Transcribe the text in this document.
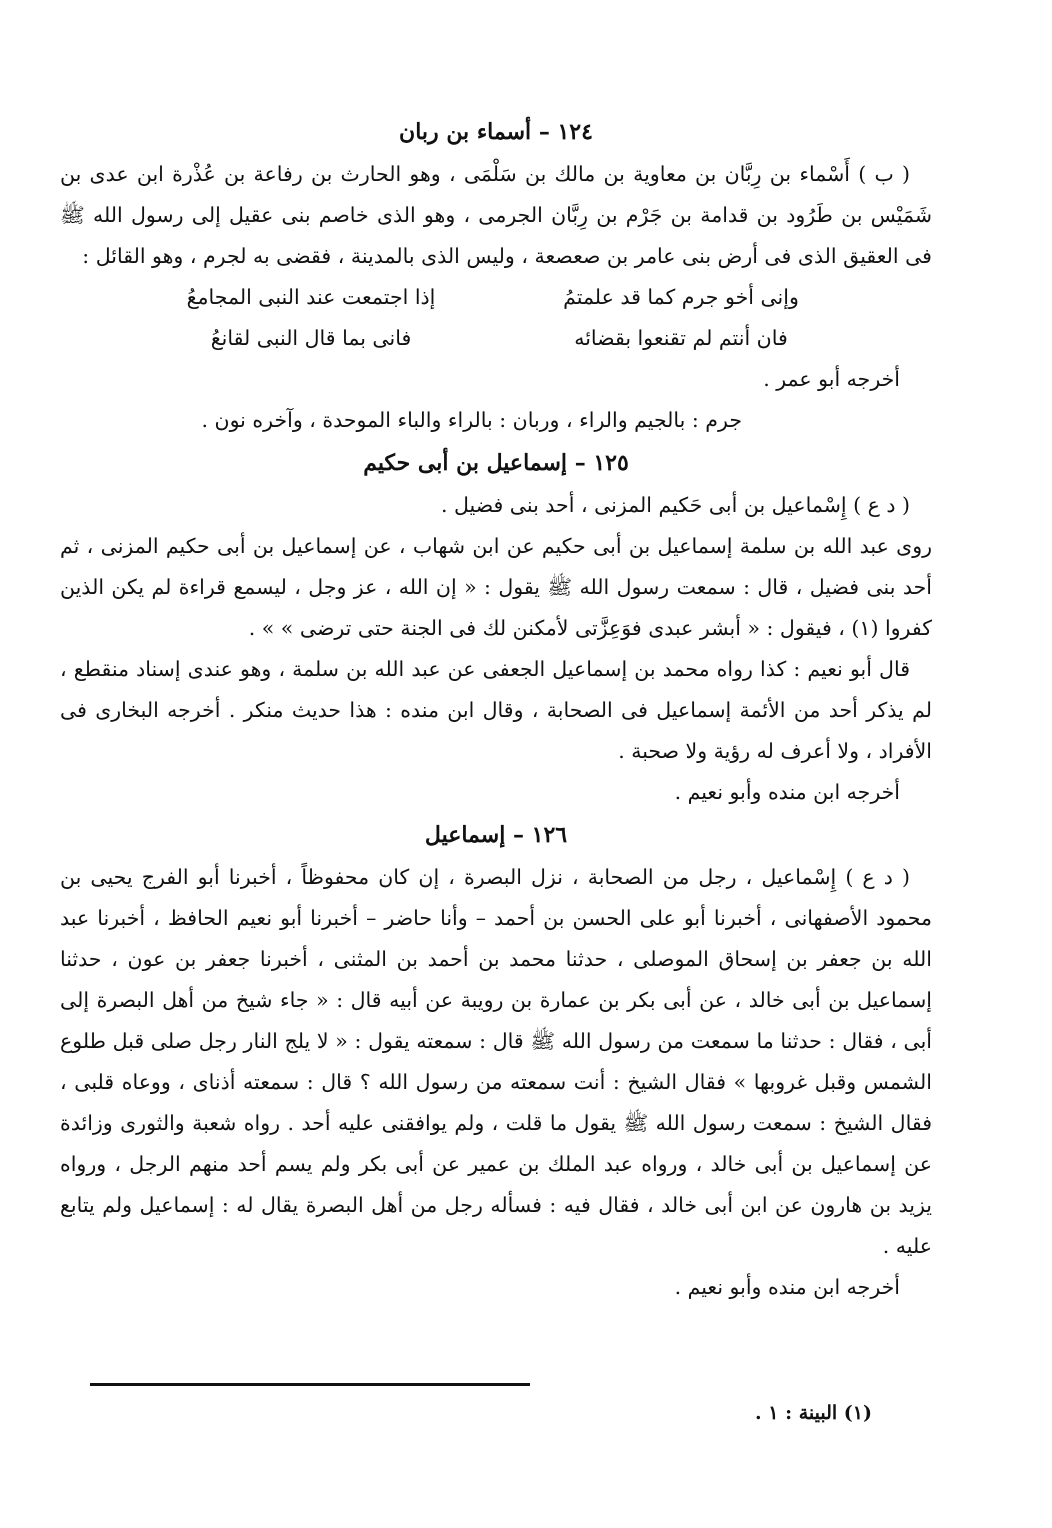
١٢٤ – أسماء بن ربان

( ب ) أَسْماء بن رِبَّان بن معاوية بن مالك بن سَلْمَى ، وهو الحارث بن رفاعة بن عُذْرة ابن عدى بن شَمَيْس بن طَرُود بن قدامة بن جَرْم بن رِبَّان الجرمى ، وهو الذى خاصم بنى عقيل إلى رسول الله ﷺ فى العقيق الذى فى أرض بنى عامر بن صعصعة ، وليس الذى بالمدينة ، فقضى به لجرم ، وهو القائل :

وإنى أخو جرم كما قد علمتمُ
إذا اجتمعت عند النبى المجامعُ
فان أنتم لم تقنعوا بقضائه
فانى بما قال النبى لقانعُ

أخرجه أبو عمر .

جرم : بالجيم والراء ، وربان : بالراء والباء الموحدة ، وآخره نون .

١٢٥ – إسماعيل بن أبى حكيم

( د ع ) إِسْماعيل بن أبى حَكيم المزنى ، أحد بنى فضيل .

روى عبد الله بن سلمة إسماعيل بن أبى حكيم عن ابن شهاب ، عن إسماعيل بن أبى حكيم المزنى ، ثم أحد بنى فضيل ، قال : سمعت رسول الله ﷺ يقول : « إن الله ، عز وجل ، ليسمع قراءة لم يكن الذين كفروا (١) ، فيقول : « أبشر عبدى فوَعِزَّتى لأمكنن لك فى الجنة حتى ترضى » » .

قال أبو نعيم : كذا رواه محمد بن إسماعيل الجعفى عن عبد الله بن سلمة ، وهو عندى إسناد منقطع ، لم يذكر أحد من الأئمة إسماعيل فى الصحابة ، وقال ابن منده : هذا حديث منكر . أخرجه البخارى فى الأفراد ، ولا أعرف له رؤية ولا صحبة .

أخرجه ابن منده وأبو نعيم .

١٢٦ – إسماعيل

( د ع ) إِسْماعيل ، رجل من الصحابة ، نزل البصرة ، إن كان محفوظاً ، أخبرنا أبو الفرج يحيى بن محمود الأصفهانى ، أخبرنا أبو على الحسن بن أحمد – وأنا حاضر – أخبرنا أبو نعيم الحافظ ، أخبرنا عبد الله بن جعفر بن إسحاق الموصلى ، حدثنا محمد بن أحمد بن المثنى ، أخبرنا جعفر بن عون ، حدثنا إسماعيل بن أبى خالد ، عن أبى بكر بن عمارة بن رويبة عن أبيه قال : « جاء شيخ من أهل البصرة إلى أبى ، فقال : حدثنا ما سمعت من رسول الله ﷺ قال : سمعته يقول : « لا يلج النار رجل صلى قبل طلوع الشمس وقبل غروبها » فقال الشيخ : أنت سمعته من رسول الله ؟ قال : سمعته أذناى ، ووعاه قلبى ، فقال الشيخ : سمعت رسول الله ﷺ يقول ما قلت ، ولم يوافقنى عليه أحد . رواه شعبة والثورى وزائدة عن إسماعيل بن أبى خالد ، ورواه عبد الملك بن عمير عن أبى بكر ولم يسم أحد منهم الرجل ، ورواه يزيد بن هارون عن ابن أبى خالد ، فقال فيه : فسأله رجل من أهل البصرة يقال له : إسماعيل ولم يتابع عليه .

أخرجه ابن منده وأبو نعيم .

(١) البينة : ١ .
